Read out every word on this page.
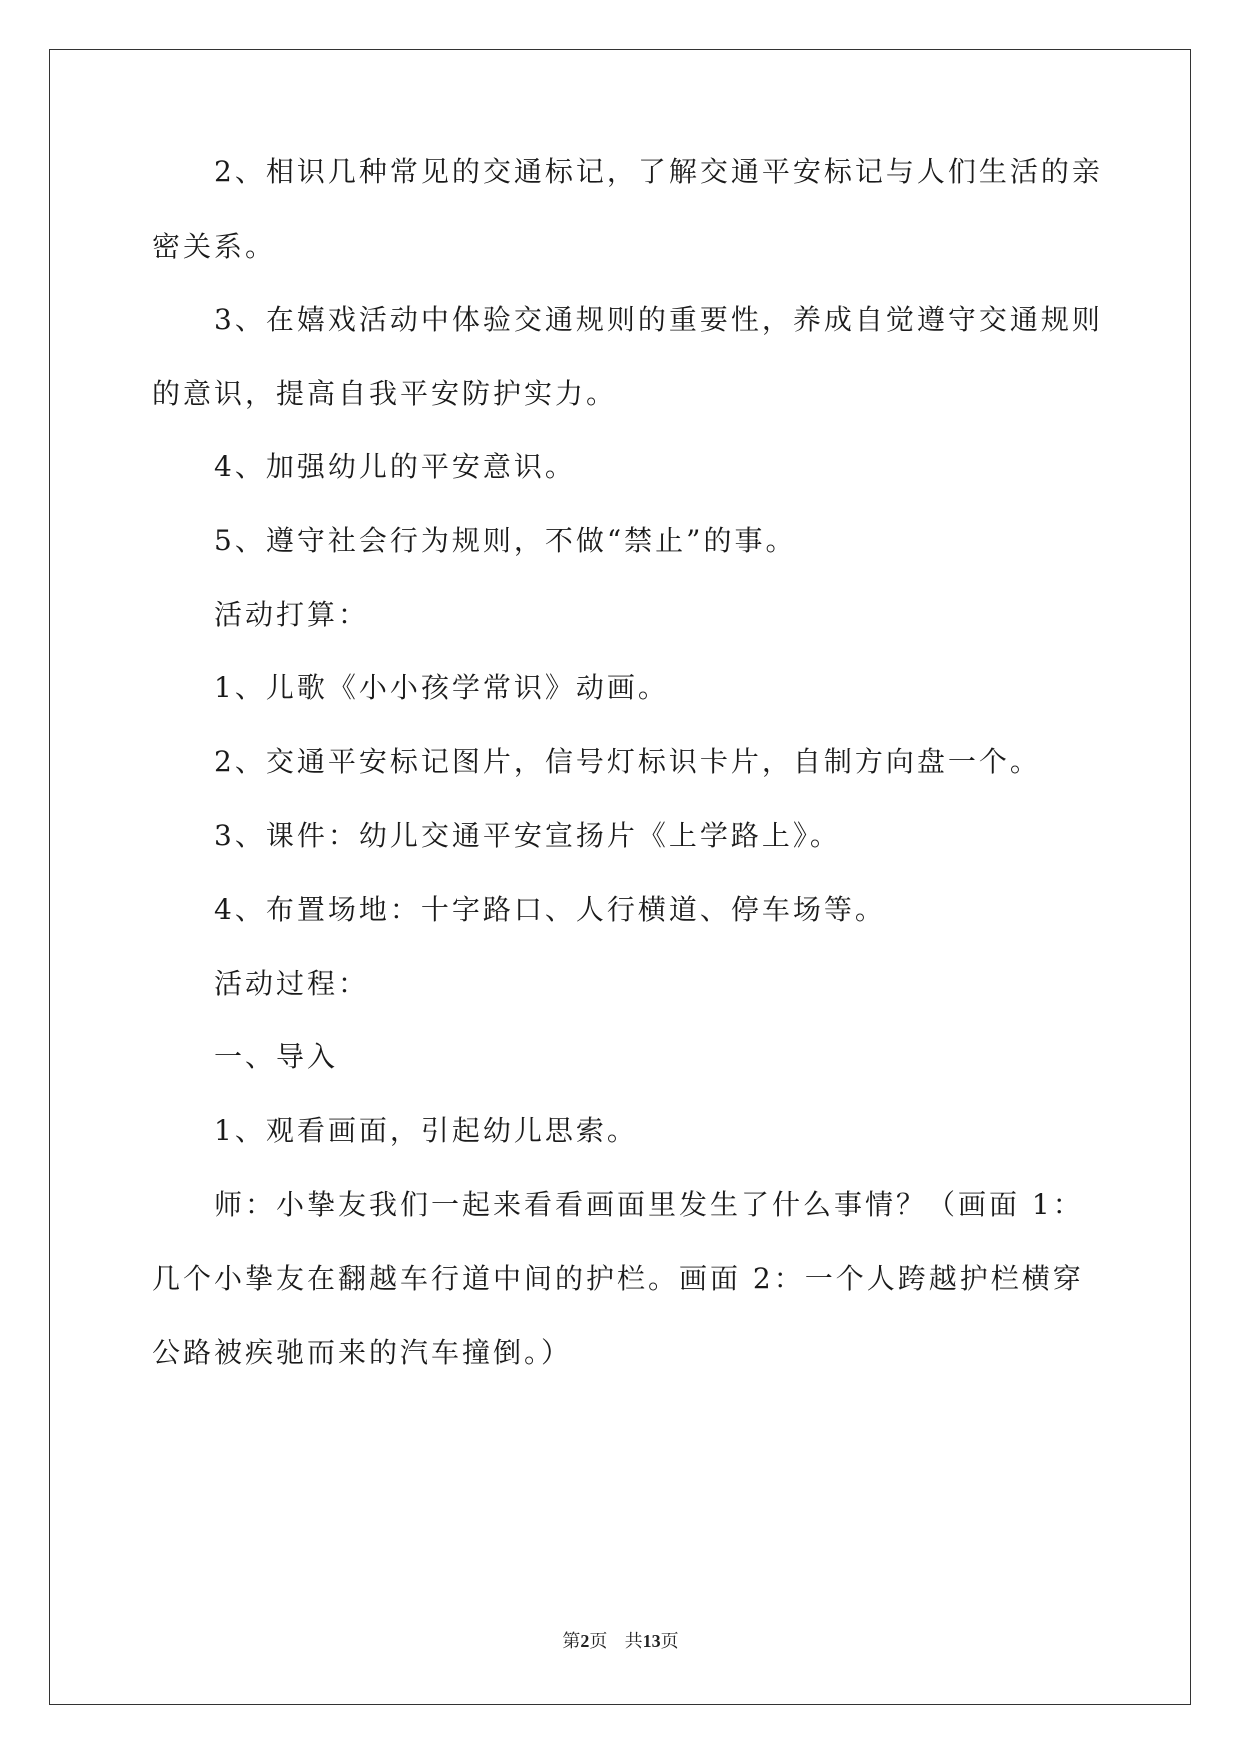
2、相识几种常见的交通标记，了解交通平安标记与人们生活的亲
密关系。
3、在嬉戏活动中体验交通规则的重要性，养成自觉遵守交通规则
的意识，提高自我平安防护实力。
4、加强幼儿的平安意识。
5、遵守社会行为规则，不做“禁止”的事。
活动打算：
1、儿歌《小小孩学常识》动画。
2、交通平安标记图片，信号灯标识卡片，自制方向盘一个。
3、课件：幼儿交通平安宣扬片《上学路上》。
4、布置场地：十字路口、人行横道、停车场等。
活动过程：
一、导入
1、观看画面，引起幼儿思索。
师：小挚友我们一起来看看画面里发生了什么事情？（画面 1：
几个小挚友在翻越车行道中间的护栏。画面 2：一个人跨越护栏横穿
公路被疾驰而来的汽车撞倒。）
第2页   共13页
